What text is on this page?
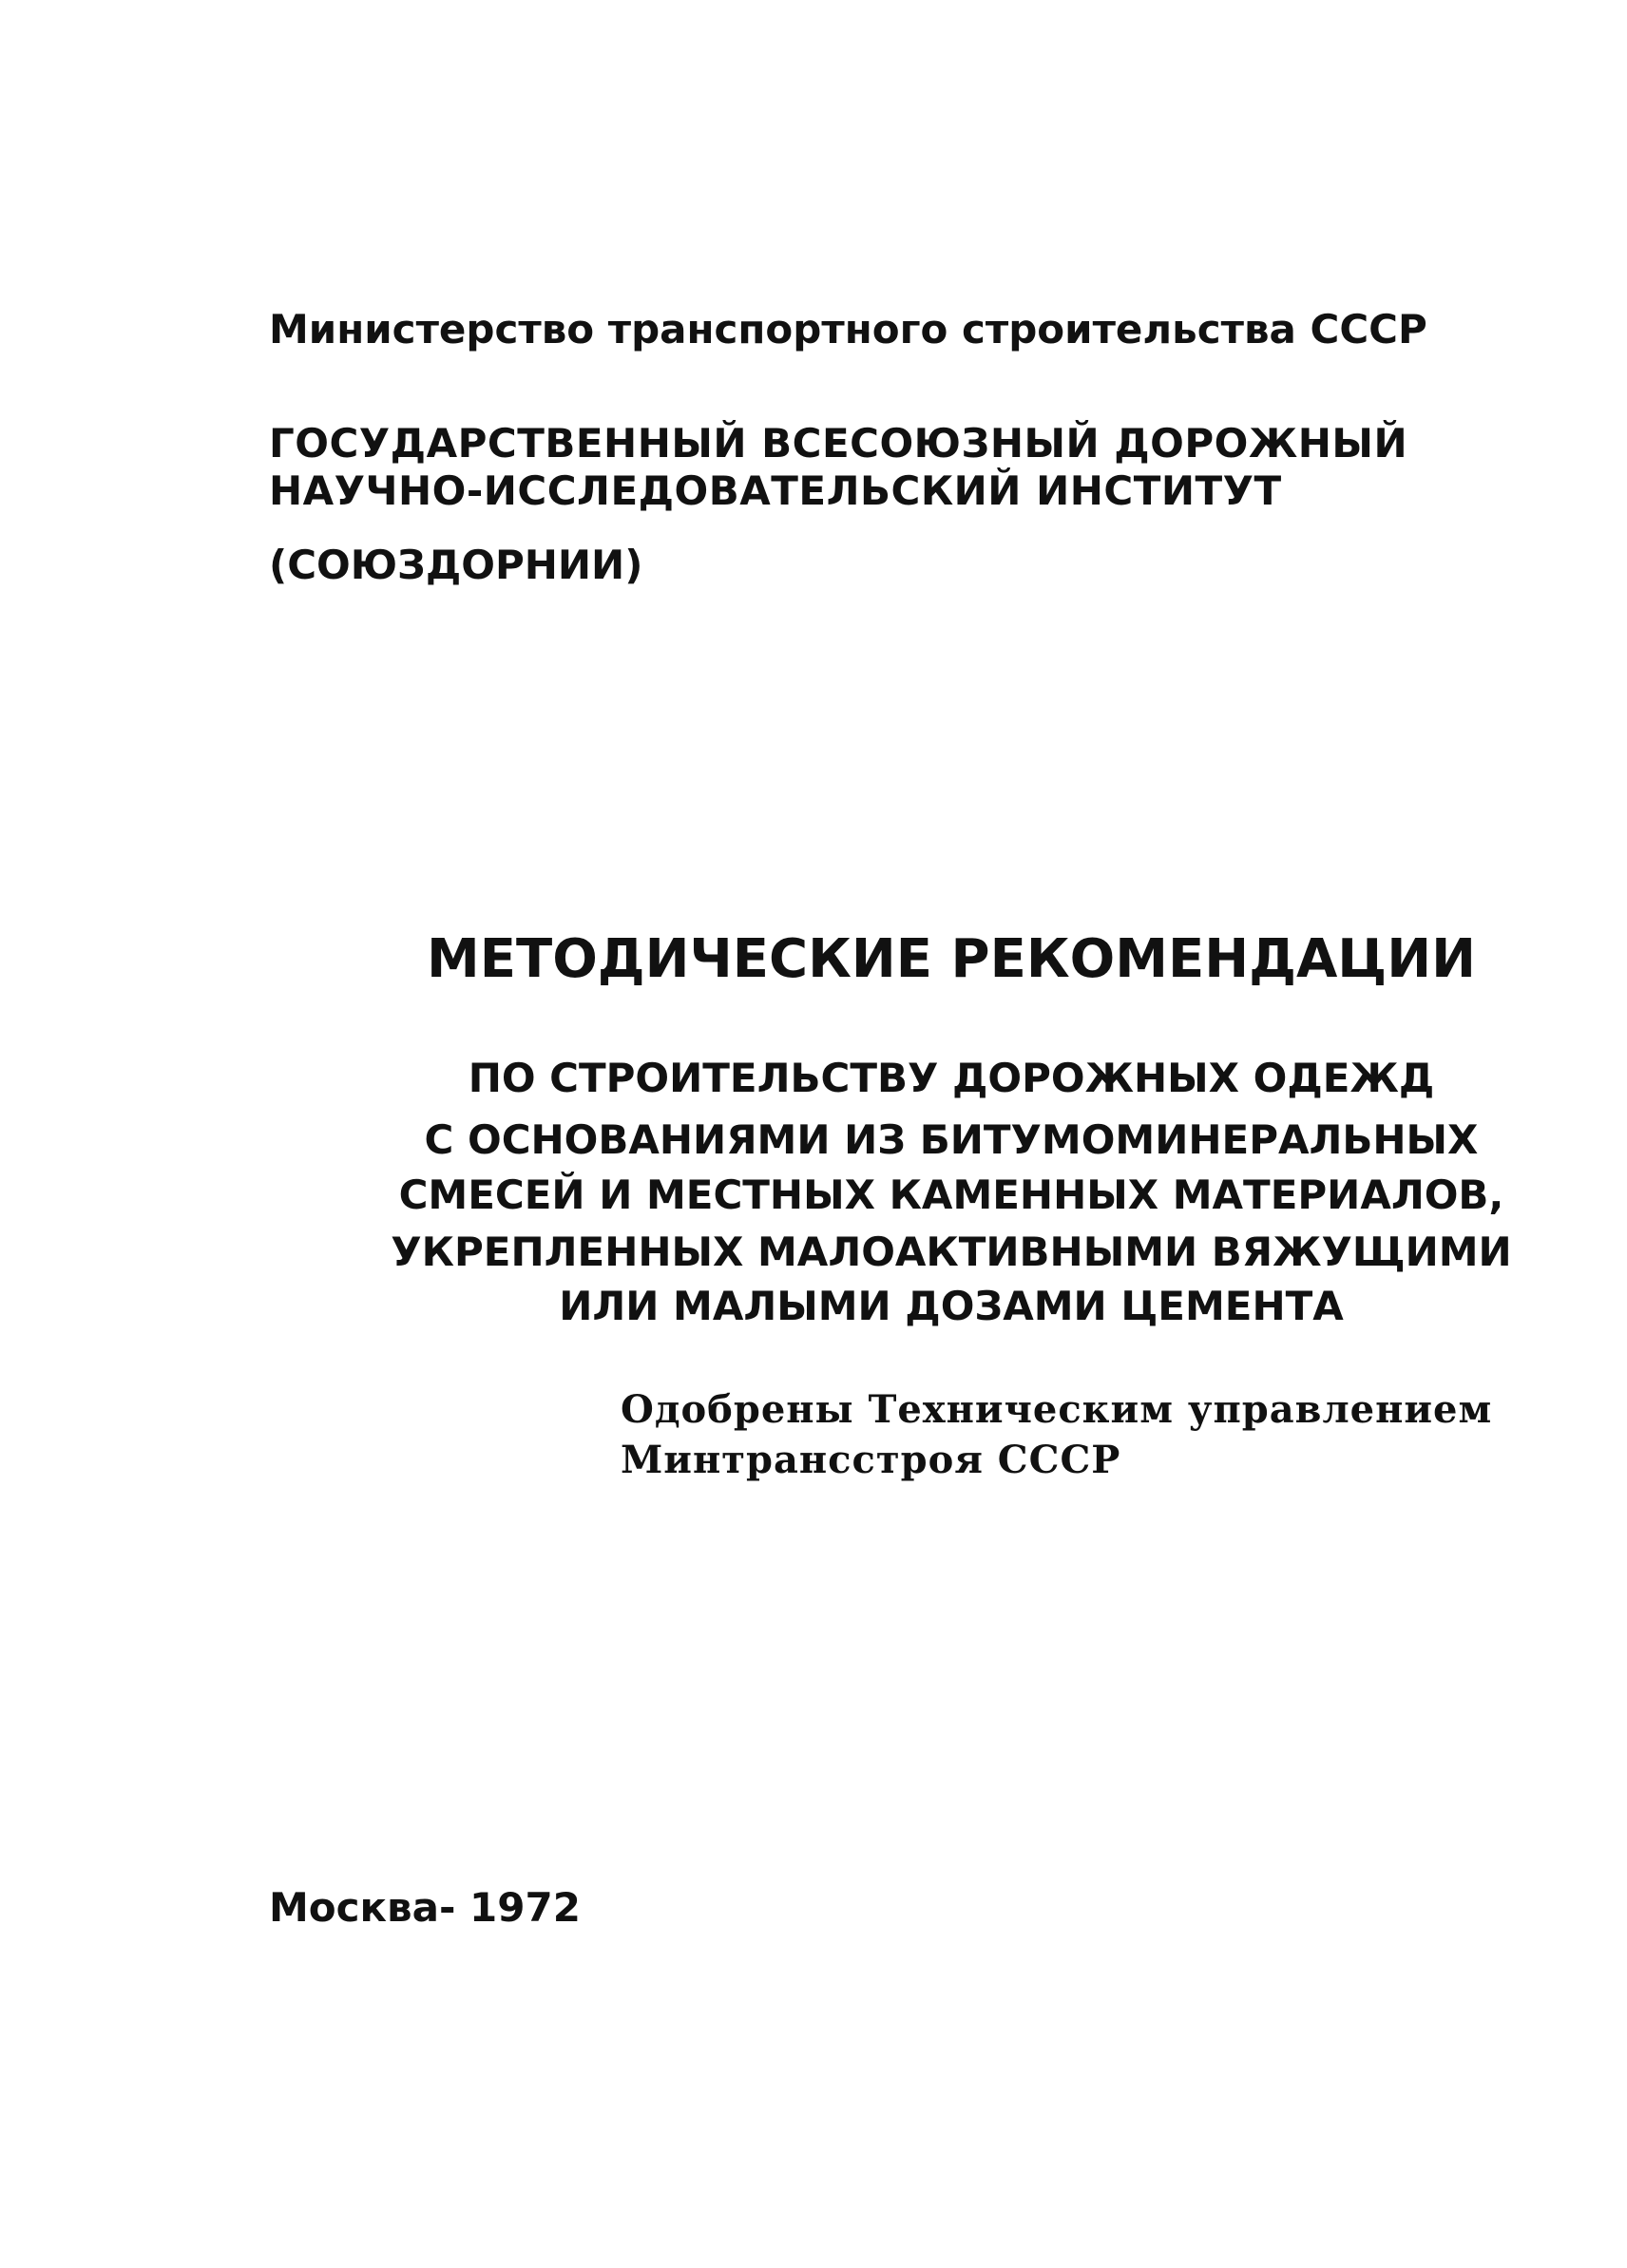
Министерство транспортного строительства СССР
ГОСУДАРСТВЕННЫЙ ВСЕСОЮЗНЫЙ ДОРОЖНЫЙ
НАУЧНО-ИССЛЕДОВАТЕЛЬСКИЙ ИНСТИТУТ
(СОЮЗДОРНИИ)
МЕТОДИЧЕСКИЕ РЕКОМЕНДАЦИИ
ПО СТРОИТЕЛЬСТВУ ДОРОЖНЫХ ОДЕЖД
С ОСНОВАНИЯМИ ИЗ БИТУМОМИНЕРАЛЬНЫХ
СМЕСЕЙ И МЕСТНЫХ КАМЕННЫХ МАТЕРИАЛОВ,
УКРЕПЛЕННЫХ МАЛОАКТИВНЫМИ ВЯЖУЩИМИ
ИЛИ МАЛЫМИ ДОЗАМИ ЦЕМЕНТА
Одобрены Техническим управлением
Минтрансстроя СССР
Москва- 1972
